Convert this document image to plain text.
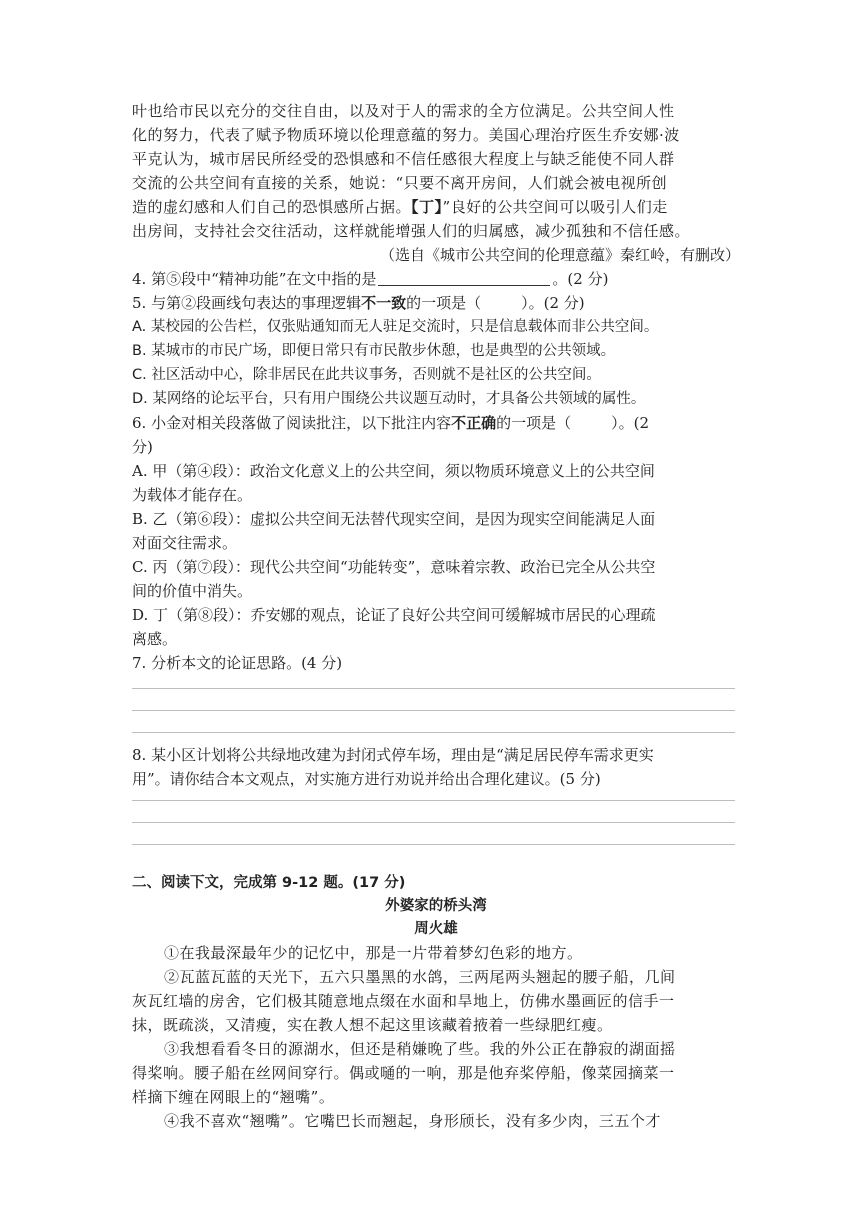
叶也给市民以充分的交往自由，以及对于人的需求的全方位满足。公共空间人性
化的努力，代表了赋予物质环境以伦理意蕴的努力。美国心理治疗医生乔安娜·波
平克认为，城市居民所经受的恐惧感和不信任感很大程度上与缺乏能使不同人群
交流的公共空间有直接的关系，她说：“只要不离开房间，人们就会被电视所创
造的虚幻感和人们自己的恐惧感所占据。【丁】”良好的公共空间可以吸引人们走
出房间，支持社会交往活动，这样就能增强人们的归属感，减少孤独和不信任感。
（选自《城市公共空间的伦理意蕴》秦红岭，有删改）
4. 第⑤段中“精神功能”在文中指的是	。(2 分)
5. 与第②段画线句表达的事理逻辑不一致的一项是（	）。(2 分)
A. 某校园的公告栏，仅张贴通知而无人驻足交流时，只是信息载体而非公共空间。
B. 某城市的市民广场，即便日常只有市民散步休憩，也是典型的公共领域。
C. 社区活动中心，除非居民在此共议事务，否则就不是社区的公共空间。
D. 某网络的论坛平台，只有用户围绕公共议题互动时，才具备公共领域的属性。
6. 小金对相关段落做了阅读批注，以下批注内容不正确的一项是（	）。(2
分)
A. 甲（第④段）：政治文化意义上的公共空间，须以物质环境意义上的公共空间
为载体才能存在。
B. 乙（第⑥段）：虚拟公共空间无法替代现实空间，是因为现实空间能满足人面
对面交往需求。
C. 丙（第⑦段）：现代公共空间“功能转变”，意味着宗教、政治已完全从公共空
间的价值中消失。
D. 丁（第⑧段）：乔安娜的观点，论证了良好公共空间可缓解城市居民的心理疏
离感。
7. 分析本文的论证思路。(4 分)
8. 某小区计划将公共绿地改建为封闭式停车场，理由是“满足居民停车需求更实
用”。请你结合本文观点，对实施方进行劝说并给出合理化建议。(5 分)
二、阅读下文，完成第 9-12 题。(17 分)
外婆家的桥头湾
周火雄
①在我最深最年少的记忆中，那是一片带着梦幻色彩的地方。
②瓦蓝瓦蓝的天光下，五六只墨黑的水鸽，三两尾两头翘起的腰子船，几间
灰瓦红墙的房舍，它们极其随意地点缀在水面和旱地上，仿佛水墨画匠的信手一
抹，既疏淡，又清瘦，实在教人想不起这里该藏着掖着一些绿肥红瘦。
③我想看看冬日的源湖水，但还是稍嫌晚了些。我的外公正在静寂的湖面摇
得桨响。腰子船在丝网间穿行。偶或嗵的一响，那是他弃桨停船，像菜园摘菜一
样摘下缠在网眼上的“翘嘴”。
④我不喜欢“翘嘴”。它嘴巴长而翘起，身形颀长，没有多少肉，三五个才
